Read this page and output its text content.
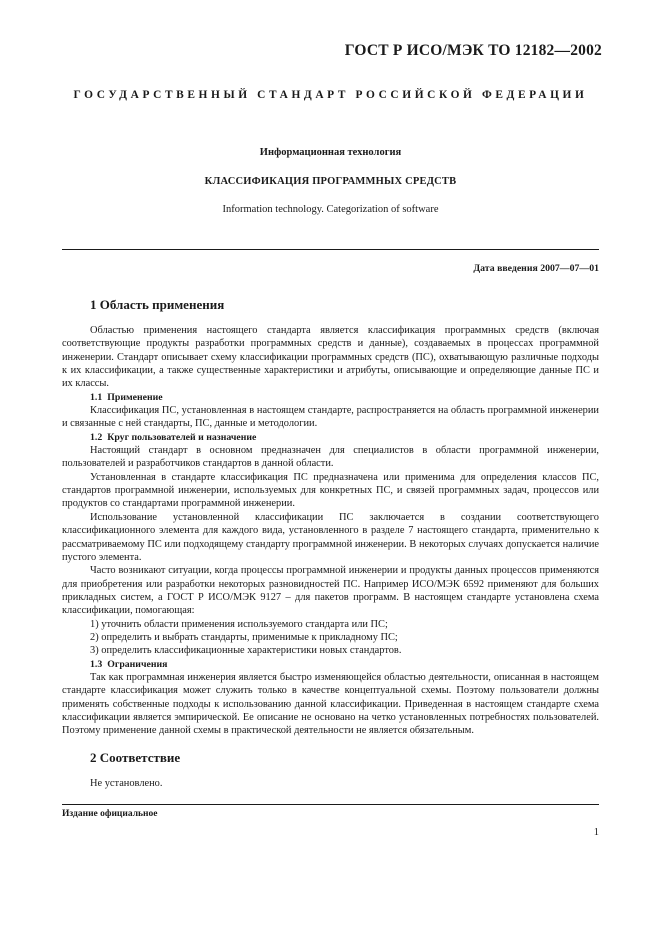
ГОСТ Р ИСО/МЭК ТО 12182—2002
ГОСУДАРСТВЕННЫЙ СТАНДАРТ РОССИЙСКОЙ ФЕДЕРАЦИИ
Информационная технология
КЛАССИФИКАЦИЯ ПРОГРАММНЫХ СРЕДСТВ
Information technology. Categorization of software
Дата введения 2007—07—01
1 Область применения

Областью применения настоящего стандарта является классификация программных средств (включая соответствующие продукты разработки программных средств и данные), создаваемых в процессах программной инженерии. Стандарт описывает схему классификации программных средств (ПС), охватывающую различные подходы к их классификации, а также существенные характеристики и атрибуты, описывающие и определяющие данные ПС и их классы.

1.1 Применение

Классификация ПС, установленная в настоящем стандарте, распространяется на область программной инженерии и связанные с ней стандарты, ПС, данные и методологии.

1.2 Круг пользователей и назначение

Настоящий стандарт в основном предназначен для специалистов в области программной инженерии, пользователей и разработчиков стандартов в данной области.

Установленная в стандарте классификация ПС предназначена или применима для определения классов ПС, стандартов программной инженерии, используемых для конкретных ПС, и связей программных задач, процессов или продуктов со стандартами программной инженерии.

Использование установленной классификации ПС заключается в создании соответствующего классификационного элемента для каждого вида, установленного в разделе 7 настоящего стандарта, применительно к рассматриваемому ПС или подходящему стандарту программной инженерии. В некоторых случаях допускается наличие пустого элемента.

Часто возникают ситуации, когда процессы программной инженерии и продукты данных процессов применяются для приобретения или разработки некоторых разновидностей ПС. Например ИСО/МЭК 6592 применяют для больших прикладных систем, а ГОСТ Р ИСО/МЭК 9127 – для пакетов программ. В настоящем стандарте установлена схема классификации, помогающая:

1) уточнить области применения используемого стандарта или ПС;
2) определить и выбрать стандарты, применимые к прикладному ПС;
3) определить классификационные характеристики новых стандартов.
1.3 Ограничения

Так как программная инженерия является быстро изменяющейся областью деятельности, описанная в настоящем стандарте классификация может служить только в качестве концептуальной схемы. Поэтому пользователи должны применять собственные подходы к использованию данной классификации. Приведенная в настоящем стандарте схема классификации является эмпирической. Ее описание не основано на четко установленных потребностях пользователей. Поэтому применение данной схемы в практической деятельности не является обязательным.

2 Соответствие

Не установлено.

Издание официальное
1
